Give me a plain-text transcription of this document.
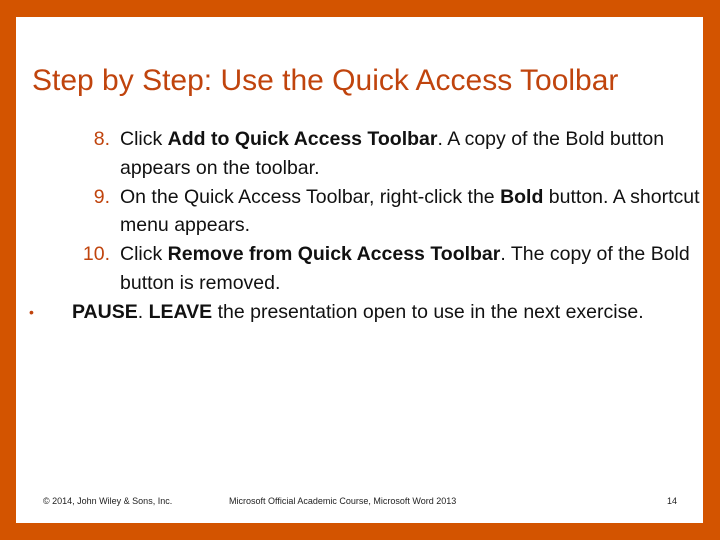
Step by Step: Use the Quick Access Toolbar
8. Click Add to Quick Access Toolbar. A copy of the Bold button appears on the toolbar.
9. On the Quick Access Toolbar, right-click the Bold button. A shortcut menu appears.
10. Click Remove from Quick Access Toolbar. The copy of the Bold button is removed.
• PAUSE. LEAVE the presentation open to use in the next exercise.
© 2014, John Wiley & Sons, Inc.	Microsoft Official Academic Course, Microsoft Word 2013	14
